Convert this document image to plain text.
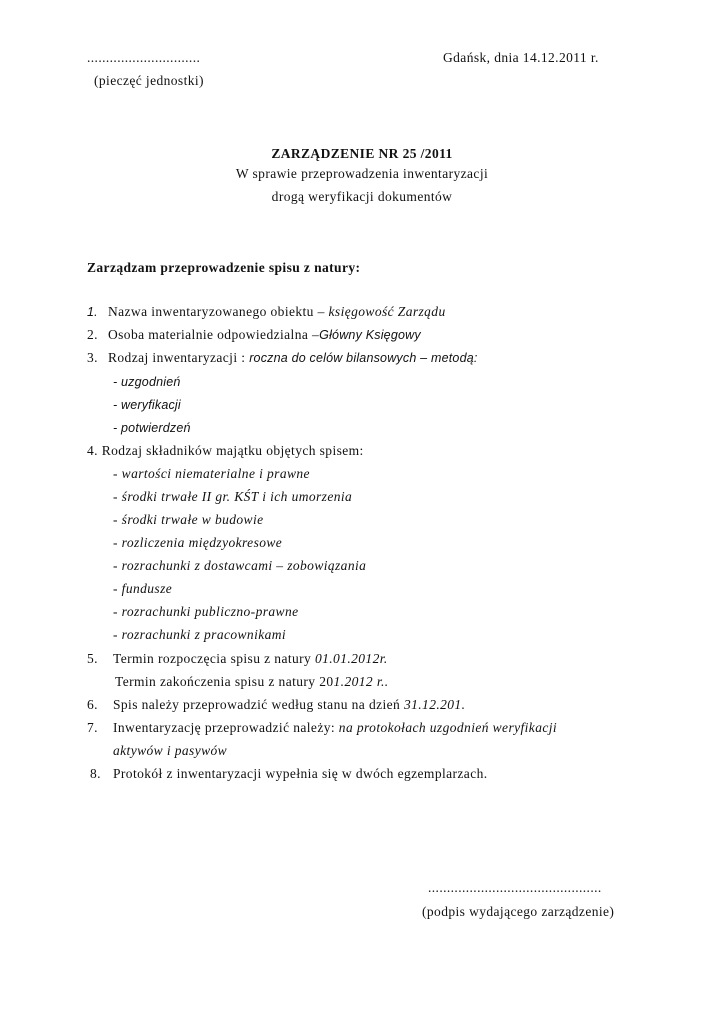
..............................
(pieczęć jednostki)
Gdańsk, dnia 14.12.2011 r.
ZARZĄDZENIE NR 25 /2011
W sprawie przeprowadzenia inwentaryzacji
drogą weryfikacji dokumentów
Zarządzam przeprowadzenie spisu z natury:
1. Nazwa inwentaryzowanego obiektu – księgowość Zarządu
2. Osoba materialnie odpowiedzialna –Główny Księgowy
3. Rodzaj inwentaryzacji : roczna do celów bilansowych – metodą:
- uzgodnień
- weryfikacji
- potwierdzeń
4. Rodzaj składników majątku objętych spisem:
- wartości niematerialne i prawne
- środki trwałe II gr. KŚT i ich umorzenia
- środki trwałe w budowie
- rozliczenia międzyokresowe
- rozrachunki z dostawcami – zobowiązania
- fundusze
- rozrachunki publiczno-prawne
- rozrachunki z pracownikami
5. Termin rozpoczęcia spisu z natury 01.01.2012r.
Termin zakończenia spisu z natury 201.2012 r..
6. Spis należy przeprowadzić według stanu na dzień 31.12.201.
7. Inwentaryzację przeprowadzić należy: na protokołach uzgodnień weryfikacji
aktywów i pasywów
8. Protokół z inwentaryzacji wypełnia się w dwóch egzemplarzach.
..............................................
(podpis wydającego zarządzenie)
